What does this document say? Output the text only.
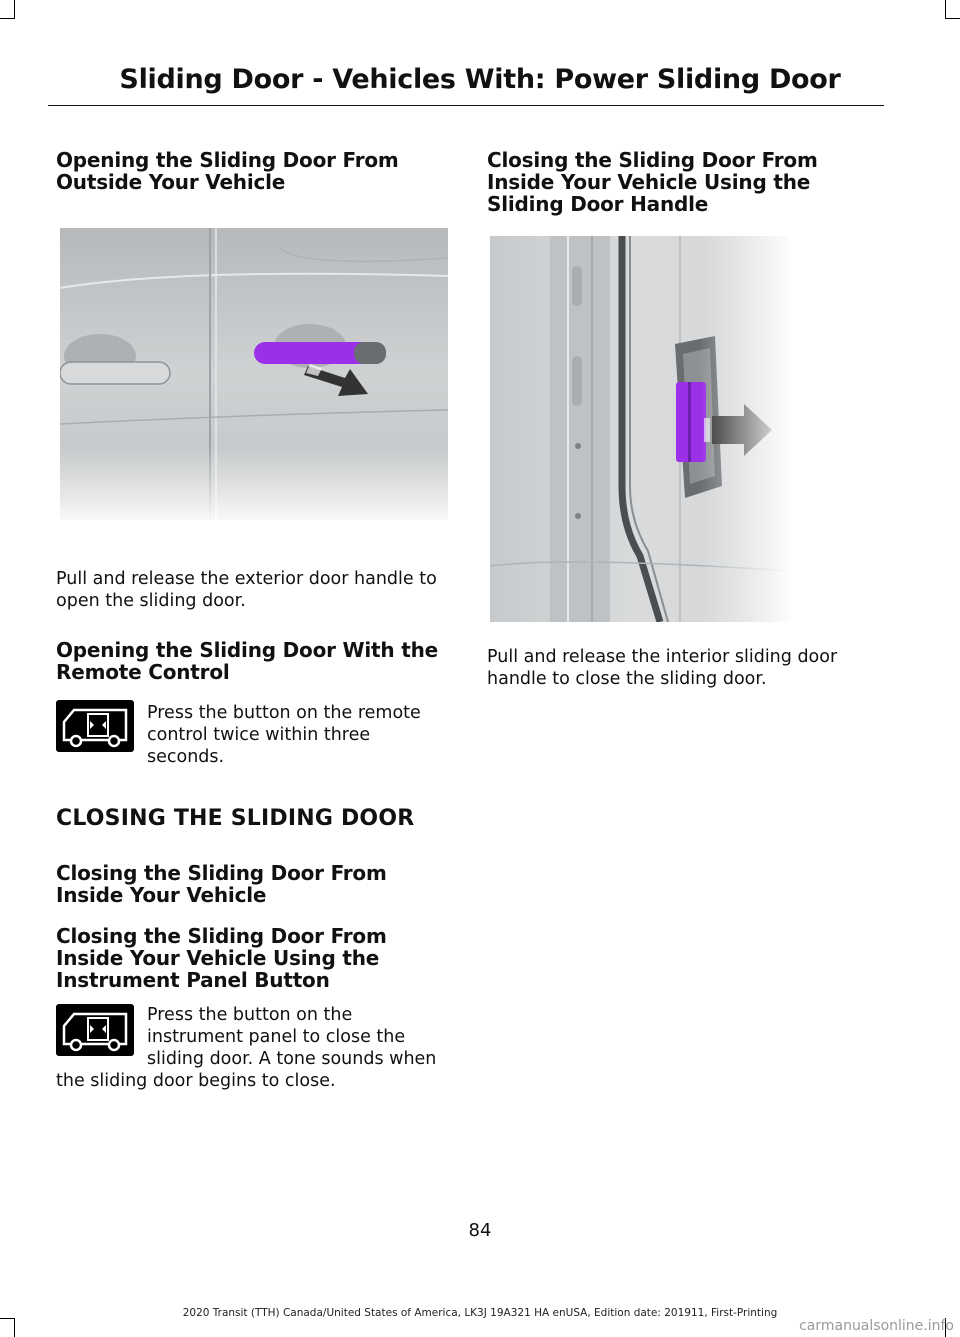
Sliding Door - Vehicles With: Power Sliding Door
Opening the Sliding Door From Outside Your Vehicle

Pull and release the exterior door handle to open the sliding door.

Opening the Sliding Door With the Remote Control

Press the button on the remote control twice within three seconds.

CLOSING THE SLIDING DOOR
Closing the Sliding Door From Inside Your Vehicle
Closing the Sliding Door From Inside Your Vehicle Using the Instrument Panel Button

Press the button on the instrument panel to close the sliding door. A tone sounds when

the sliding door begins to close.

Closing the Sliding Door From Inside Your Vehicle Using the Sliding Door Handle

Pull and release the interior sliding door handle to close the sliding door.

84
2020 Transit (TTH) Canada/United States of America, LK3J 19A321 HA enUSA, Edition date: 201911, First-Printing
carmanualsonline.info
